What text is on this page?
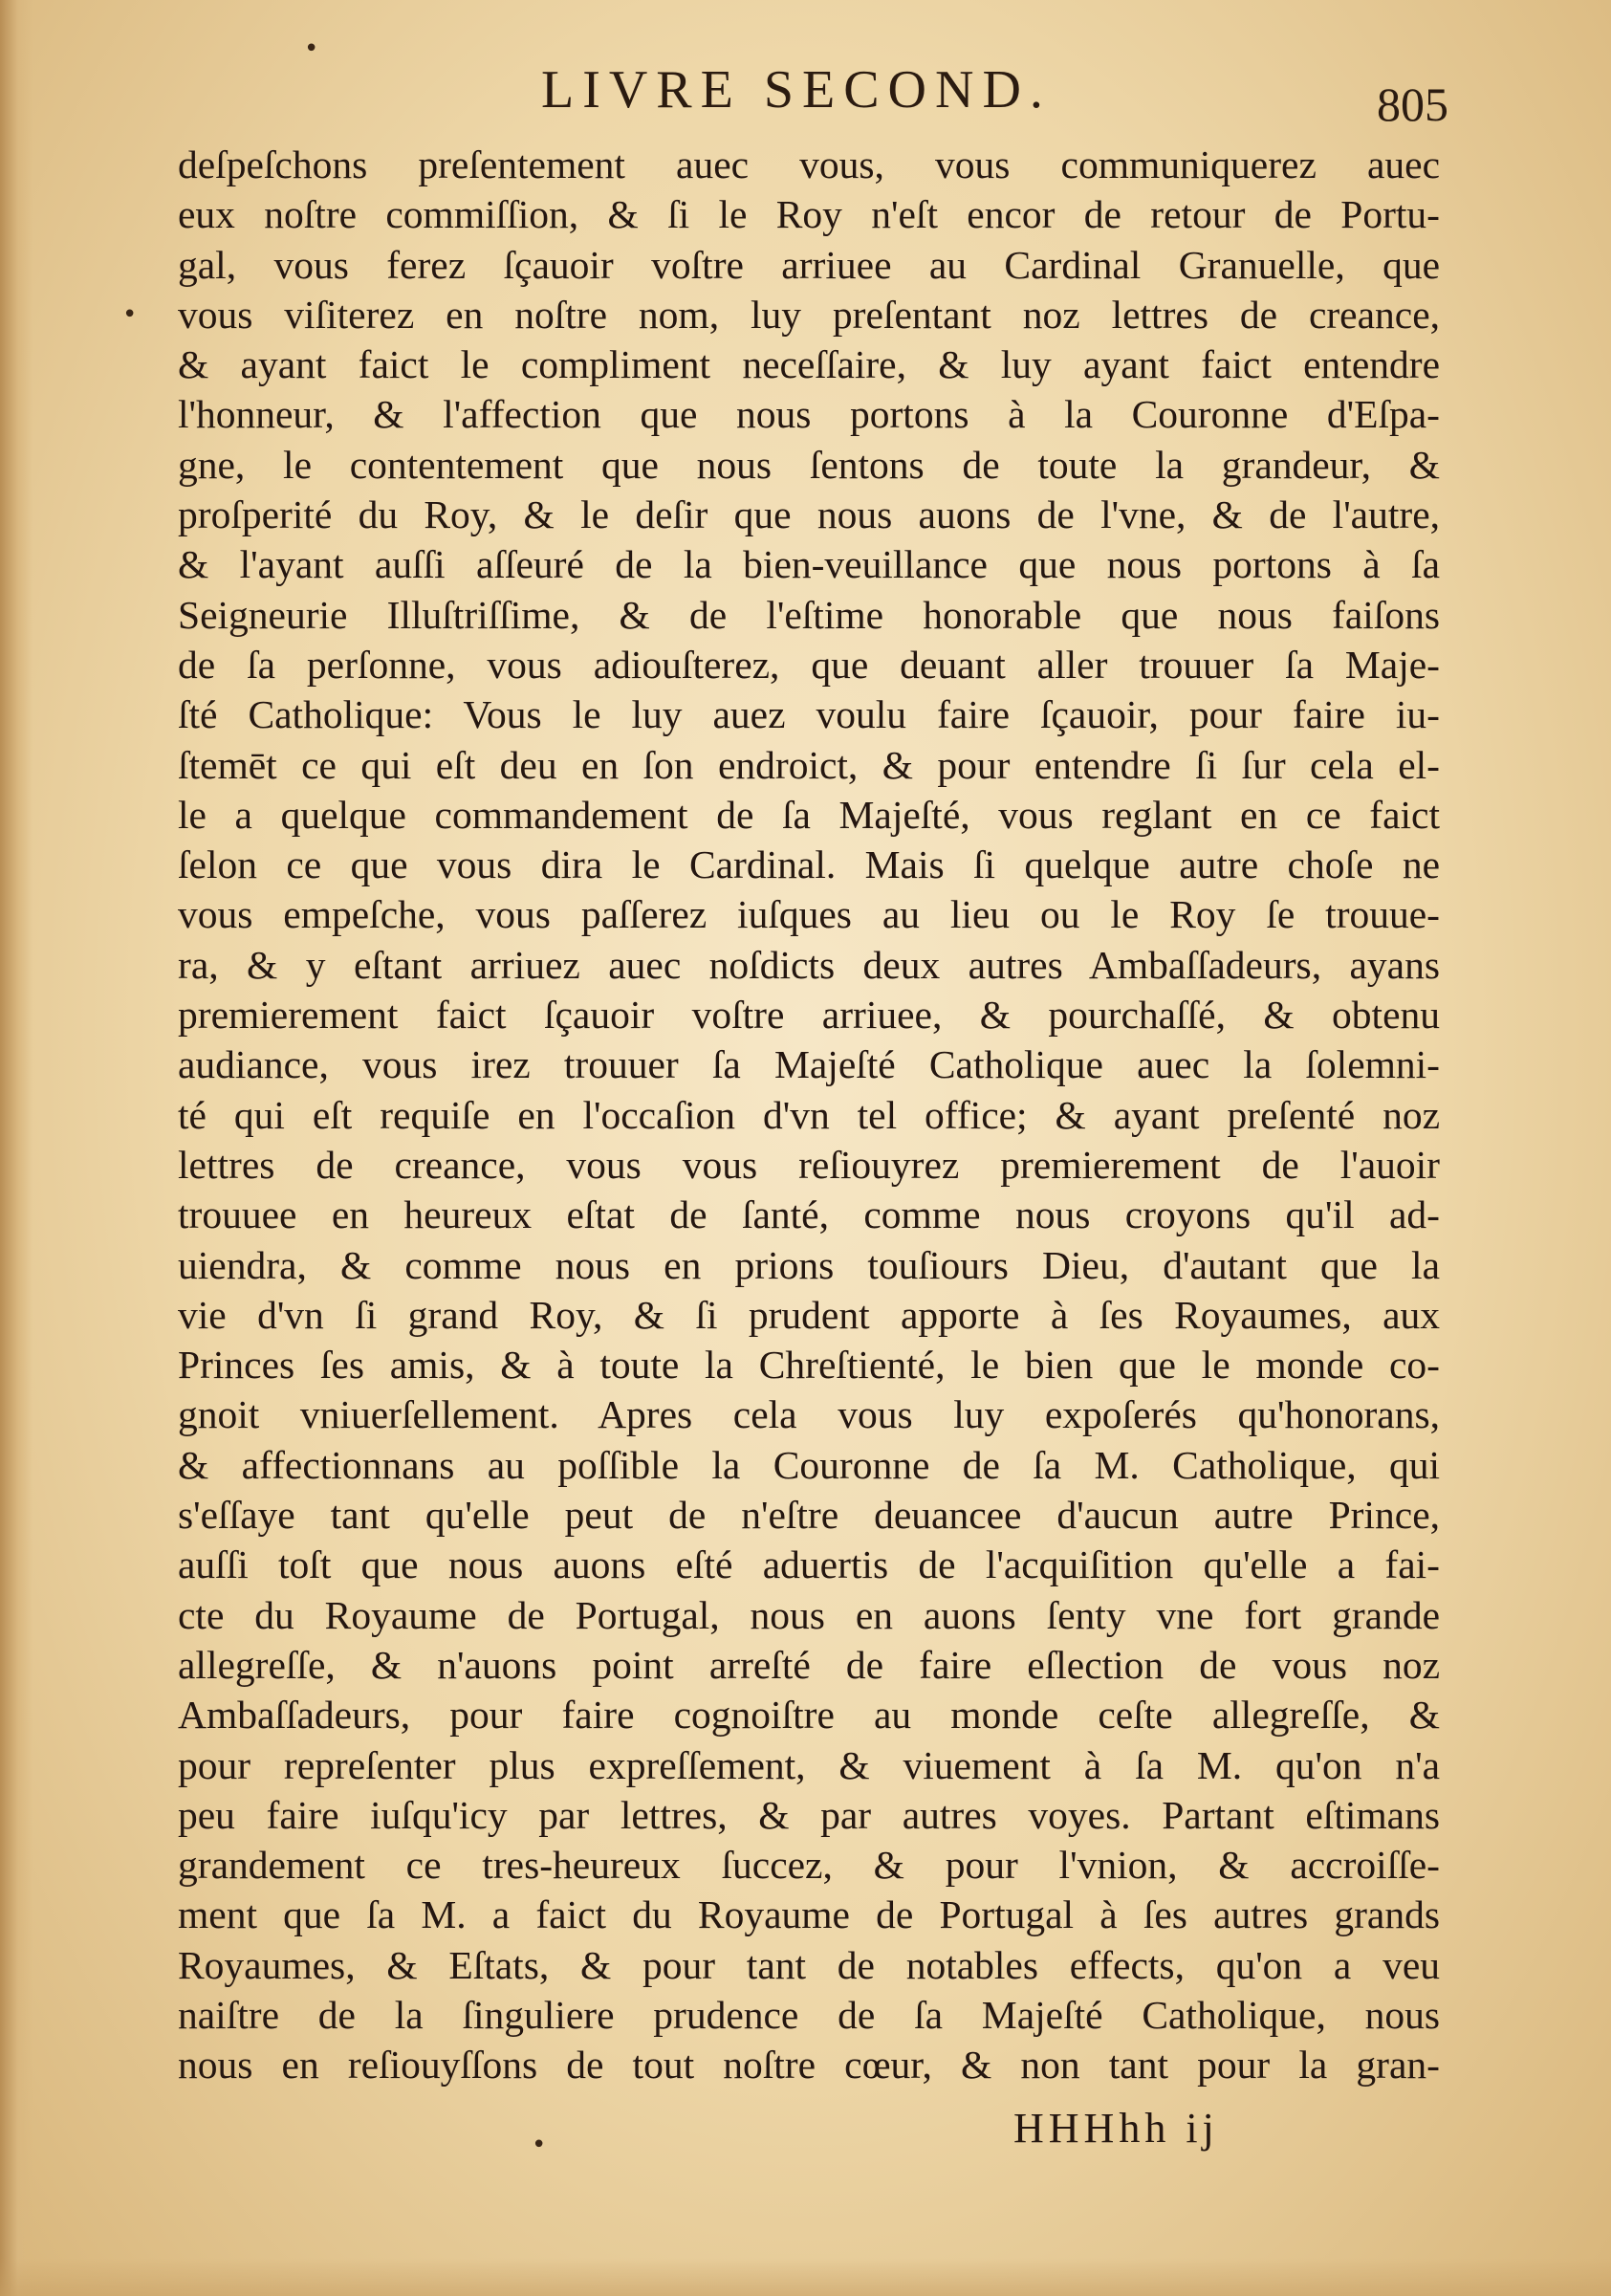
LIVRE SECOND.	805
deſpeſchons preſentement auec vous, vous communiquerez auec
eux noſtre commiſſion, & ſi le Roy n'eſt encor de retour de Portu-
gal, vous ferez ſçauoir voſtre arriuee au Cardinal Granuelle, que
vous viſiterez en noſtre nom, luy preſentant noz lettres de creance,
& ayant faict le compliment neceſſaire, & luy ayant faict entendre
l'honneur, & l'affection que nous portons à la Couronne d'Eſpa-
gne, le contentement que nous ſentons de toute la grandeur, &
proſperité du Roy, & le deſir que nous auons de l'vne, & de l'autre,
& l'ayant auſſi aſſeuré de la bien-veuillance que nous portons à ſa
Seigneurie Illuſtriſſime, & de l'eſtime honorable que nous faiſons
de ſa perſonne, vous adiouſterez, que deuant aller trouuer ſa Maje-
ſté Catholique: Vous le luy auez voulu faire ſçauoir, pour faire iu-
ſtemēt ce qui eſt deu en ſon endroict, & pour entendre ſi ſur cela el-
le a quelque commandement de ſa Majeſté, vous reglant en ce faict
ſelon ce que vous dira le Cardinal. Mais ſi quelque autre choſe ne
vous empeſche, vous paſſerez iuſques au lieu ou le Roy ſe trouue-
ra, & y eſtant arriuez auec noſdicts deux autres Ambaſſadeurs, ayans
premierement faict ſçauoir voſtre arriuee, & pourchaſſé, & obtenu
audiance, vous irez trouuer ſa Majeſté Catholique auec la ſolemni-
té qui eſt requiſe en l'occaſion d'vn tel office; & ayant preſenté noz
lettres de creance, vous vous reſiouyrez premierement de l'auoir
trouuee en heureux eſtat de ſanté, comme nous croyons qu'il ad-
uiendra, & comme nous en prions touſiours Dieu, d'autant que la
vie d'vn ſi grand Roy, & ſi prudent apporte à ſes Royaumes, aux
Princes ſes amis, & à toute la Chreſtienté, le bien que le monde co-
gnoit vniuerſellement. Apres cela vous luy expoſerés qu'honorans,
& affectionnans au poſſible la Couronne de ſa M. Catholique, qui
s'eſſaye tant qu'elle peut de n'eſtre deuancee d'aucun autre Prince,
auſſi toſt que nous auons eſté aduertis de l'acquiſition qu'elle a fai-
cte du Royaume de Portugal, nous en auons ſenty vne fort grande
allegreſſe, & n'auons point arreſté de faire eſlection de vous noz
Ambaſſadeurs, pour faire cognoiſtre au monde ceſte allegreſſe, &
pour repreſenter plus expreſſement, & viuement à ſa M. qu'on n'a
peu faire iuſqu'icy par lettres, & par autres voyes. Partant eſtimans
grandement ce tres-heureux ſuccez, & pour l'vnion, & accroiſſe-
ment que ſa M. a faict du Royaume de Portugal à ſes autres grands
Royaumes, & Eſtats, & pour tant de notables effects, qu'on a veu
naiſtre de la ſinguliere prudence de ſa Majeſté Catholique, nous
nous en reſiouyſſons de tout noſtre cœur, & non tant pour la gran-
HHHhh ij
•
•
•
